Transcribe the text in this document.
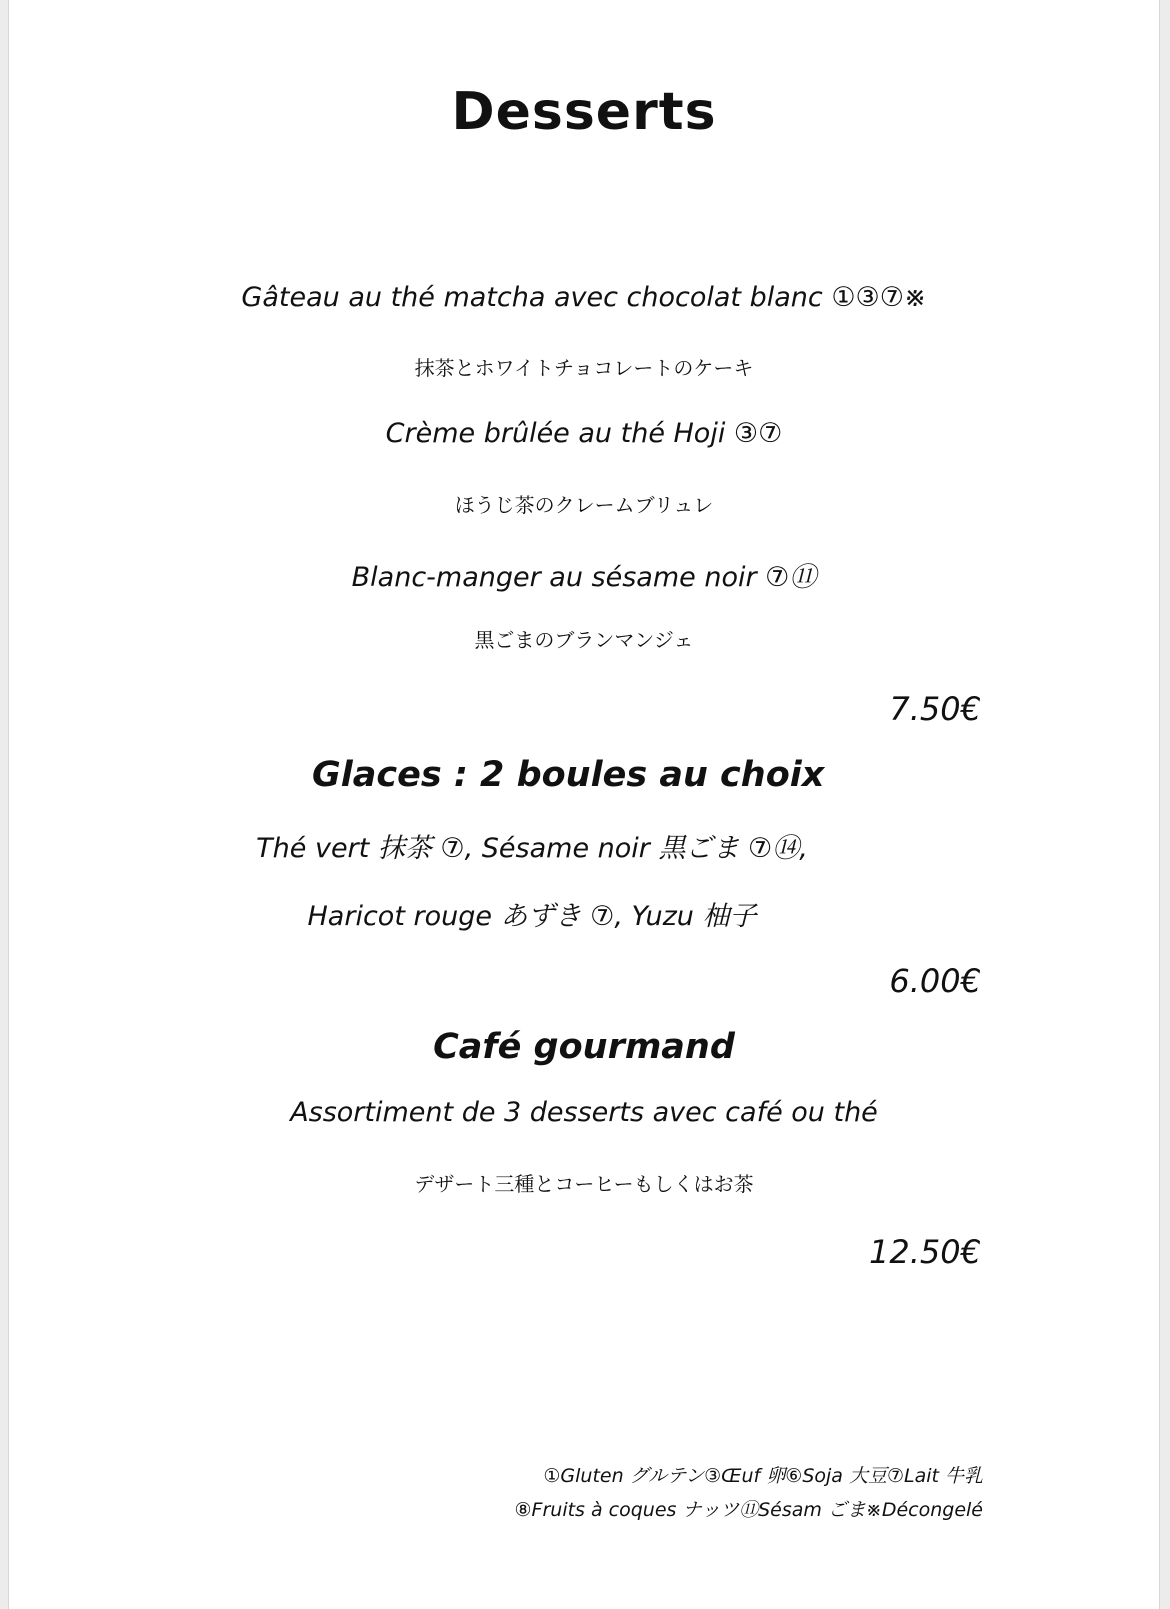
Desserts
Gâteau au thé matcha avec chocolat blanc ①③⑦※
抹茶とホワイトチョコレートのケーキ
Crème brûlée au thé Hoji ③⑦
ほうじ茶のクレームブリュレ
Blanc-manger au sésame noir ⑦⑪
黒ごまのブランマンジェ
7.50€
Glaces : 2 boules au choix
Thé vert 抹茶 ⑦, Sésame noir 黒ごま ⑦⑭,
Haricot rouge あずき ⑦, Yuzu 柚子
6.00€
Café gourmand
Assortiment de 3 desserts avec café ou thé
デザート三種とコーヒーもしくはお茶
12.50€
①Gluten グルテン③Œuf 卵⑥Soja 大豆⑦Lait 牛乳
⑧Fruits à coques ナッツ⑪Sésam ごま※Décongelé
